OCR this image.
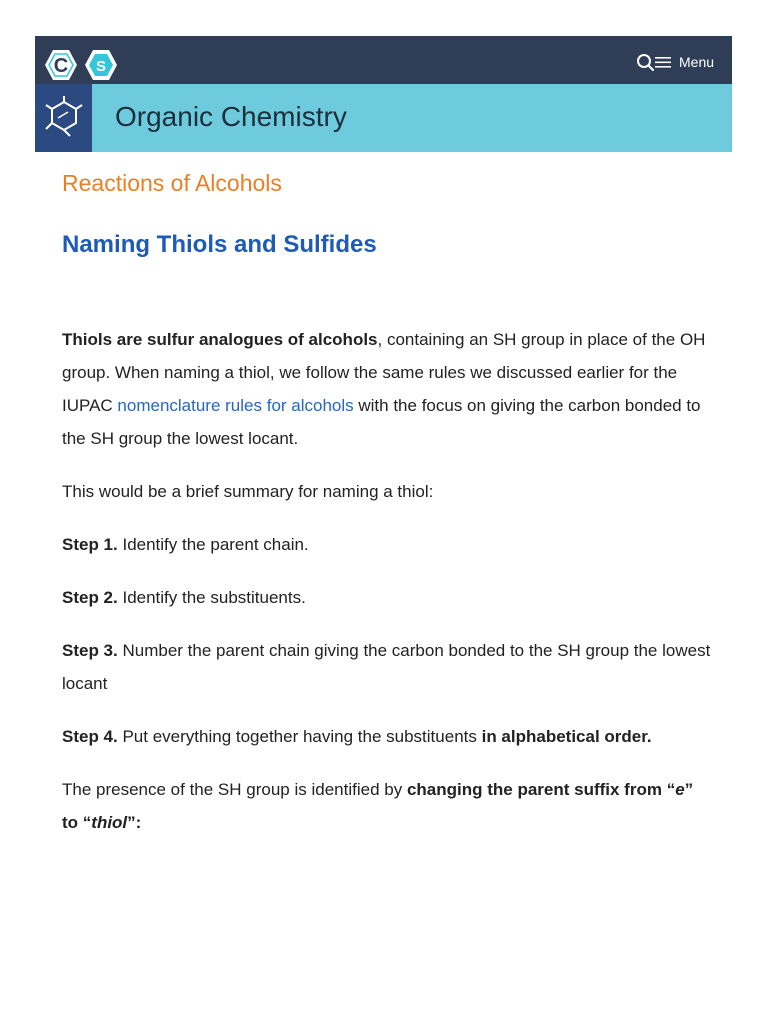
C S	Menu
Organic Chemistry
Reactions of Alcohols
Naming Thiols and Sulfides

Thiols are sulfur analogues of alcohols, containing an SH group in place of the OH group. When naming a thiol, we follow the same rules we discussed earlier for the IUPAC nomenclature rules for alcohols with the focus on giving the carbon bonded to the SH group the lowest locant.

This would be a brief summary for naming a thiol:

Step 1. Identify the parent chain.

Step 2. Identify the substituents.

Step 3. Number the parent chain giving the carbon bonded to the SH group the lowest locant

Step 4. Put everything together having the substituents in alphabetical order.

The presence of the SH group is identified by changing the parent suffix from “e” to “thiol”:
